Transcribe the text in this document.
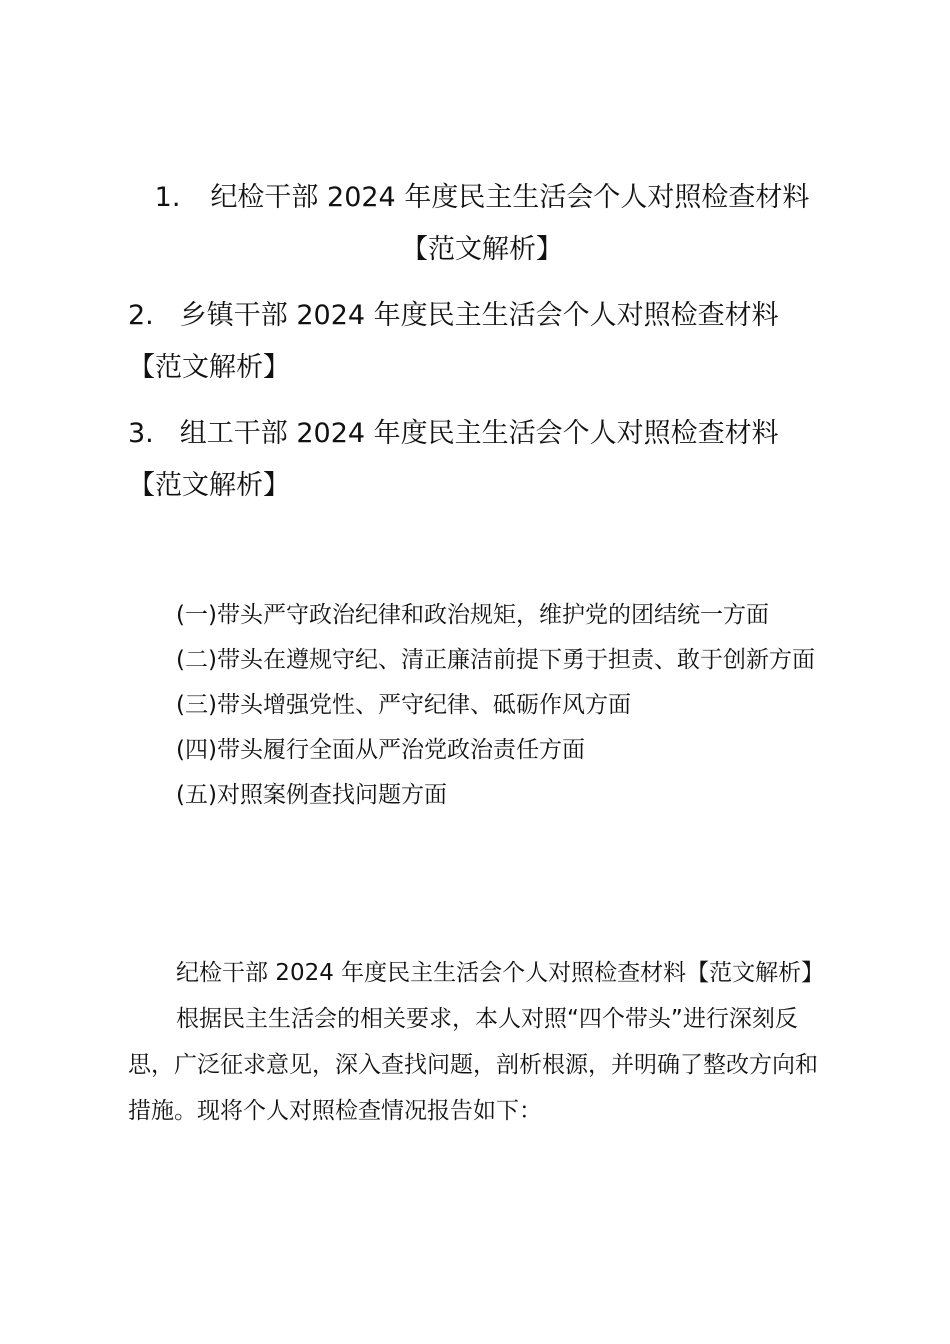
1. 纪检干部 2024 年度民主生活会个人对照检查材料
【范文解析】
2. 乡镇干部 2024 年度民主生活会个人对照检查材料
【范文解析】
3. 组工干部 2024 年度民主生活会个人对照检查材料
【范文解析】
(一)带头严守政治纪律和政治规矩，维护党的团结统一方面
(二)带头在遵规守纪、清正廉洁前提下勇于担责、敢于创新方面
(三)带头增强党性、严守纪律、砥砺作风方面
(四)带头履行全面从严治党政治责任方面
(五)对照案例查找问题方面
纪检干部 2024 年度民主生活会个人对照检查材料【范文解析】
根据民主生活会的相关要求，本人对照“四个带头”进行深刻反思，广泛征求意见，深入查找问题，剖析根源，并明确了整改方向和措施。现将个人对照检查情况报告如下：
